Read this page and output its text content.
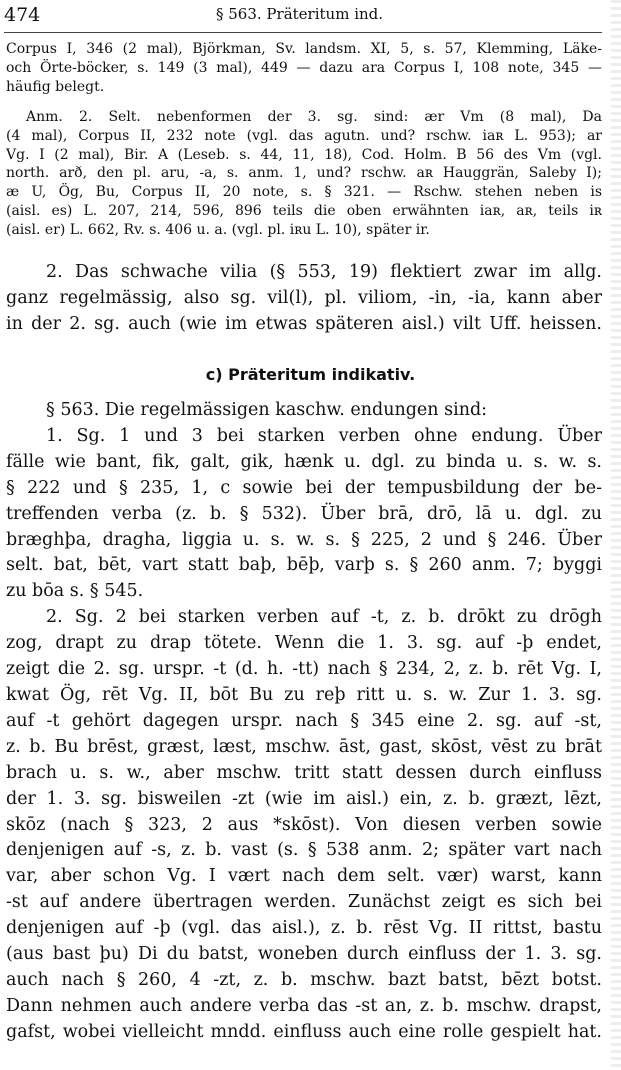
474	§ 563. Präteritum ind.
Corpus I, 346 (2 mal), Björkman, Sv. landsm. XI, 5, s. 57, Klemming, Läke-
och Örte-böcker, s. 149 (3 mal), 449 — dazu ara Corpus I, 108 note, 345 —
häufig belegt.
Anm. 2. Selt. nebenformen der 3. sg. sind: ær Vm (8 mal), Da
(4 mal), Corpus II, 232 note (vgl. das agutn. und? rschw. iaʀ L. 953); ar
Vg. I (2 mal), Bir. A (Leseb. s. 44, 11, 18), Cod. Holm. B 56 des Vm (vgl.
north. arð, den pl. aru, -a, s. anm. 1, und? rschw. aʀ Hauggrän, Saleby I);
æ U, Ög, Bu, Corpus II, 20 note, s. § 321. — Rschw. stehen neben is
(aisl. es) L. 207, 214, 596, 896 teils die oben erwähnten iaʀ, aʀ, teils iʀ
(aisl. er) L. 662, Rv. s. 406 u. a. (vgl. pl. iʀu L. 10), später ir.
2. Das schwache vilia (§ 553, 19) flektiert zwar im allg.
ganz regelmässig, also sg. vil(l), pl. viliom, -in, -ia, kann aber
in der 2. sg. auch (wie im etwas späteren aisl.) vilt Uff. heissen.
c) Präteritum indikativ.
§ 563. Die regelmässigen kaschw. endungen sind:
1. Sg. 1 und 3 bei starken verben ohne endung. Über
fälle wie bant, fik, galt, gik, hænk u. dgl. zu binda u. s. w. s.
§ 222 und § 235, 1, c sowie bei der tempusbildung der be-
treffenden verba (z. b. § 532). Über brā, drō, lā u. dgl. zu
bræghþa, dragha, liggia u. s. w. s. § 225, 2 und § 246. Über
selt. bat, bēt, vart statt baþ, bēþ, varþ s. § 260 anm. 7; byggi
zu bōa s. § 545.
2. Sg. 2 bei starken verben auf -t, z. b. drōkt zu drōgh
zog, drapt zu drap tötete. Wenn die 1. 3. sg. auf -þ endet,
zeigt die 2. sg. urspr. -t (d. h. -tt) nach § 234, 2, z. b. rēt Vg. I,
kwat Ög, rēt Vg. II, bōt Bu zu reþ ritt u. s. w. Zur 1. 3. sg.
auf -t gehört dagegen urspr. nach § 345 eine 2. sg. auf -st,
z. b. Bu brēst, græst, læst, mschw. āst, gast, skōst, vēst zu brāt
brach u. s. w., aber mschw. tritt statt dessen durch einfluss
der 1. 3. sg. bisweilen -zt (wie im aisl.) ein, z. b. græzt, lēzt,
skōz (nach § 323, 2 aus *skōst). Von diesen verben sowie
denjenigen auf -s, z. b. vast (s. § 538 anm. 2; später vart nach
var, aber schon Vg. I vært nach dem selt. vær) warst, kann
-st auf andere übertragen werden. Zunächst zeigt es sich bei
denjenigen auf -þ (vgl. das aisl.), z. b. rēst Vg. II rittst, bastu
(aus bast þu) Di du batst, woneben durch einfluss der 1. 3. sg.
auch nach § 260, 4 -zt, z. b. mschw. bazt batst, bēzt botst.
Dann nehmen auch andere verba das -st an, z. b. mschw. drapst,
gafst, wobei vielleicht mndd. einfluss auch eine rolle gespielt hat.
